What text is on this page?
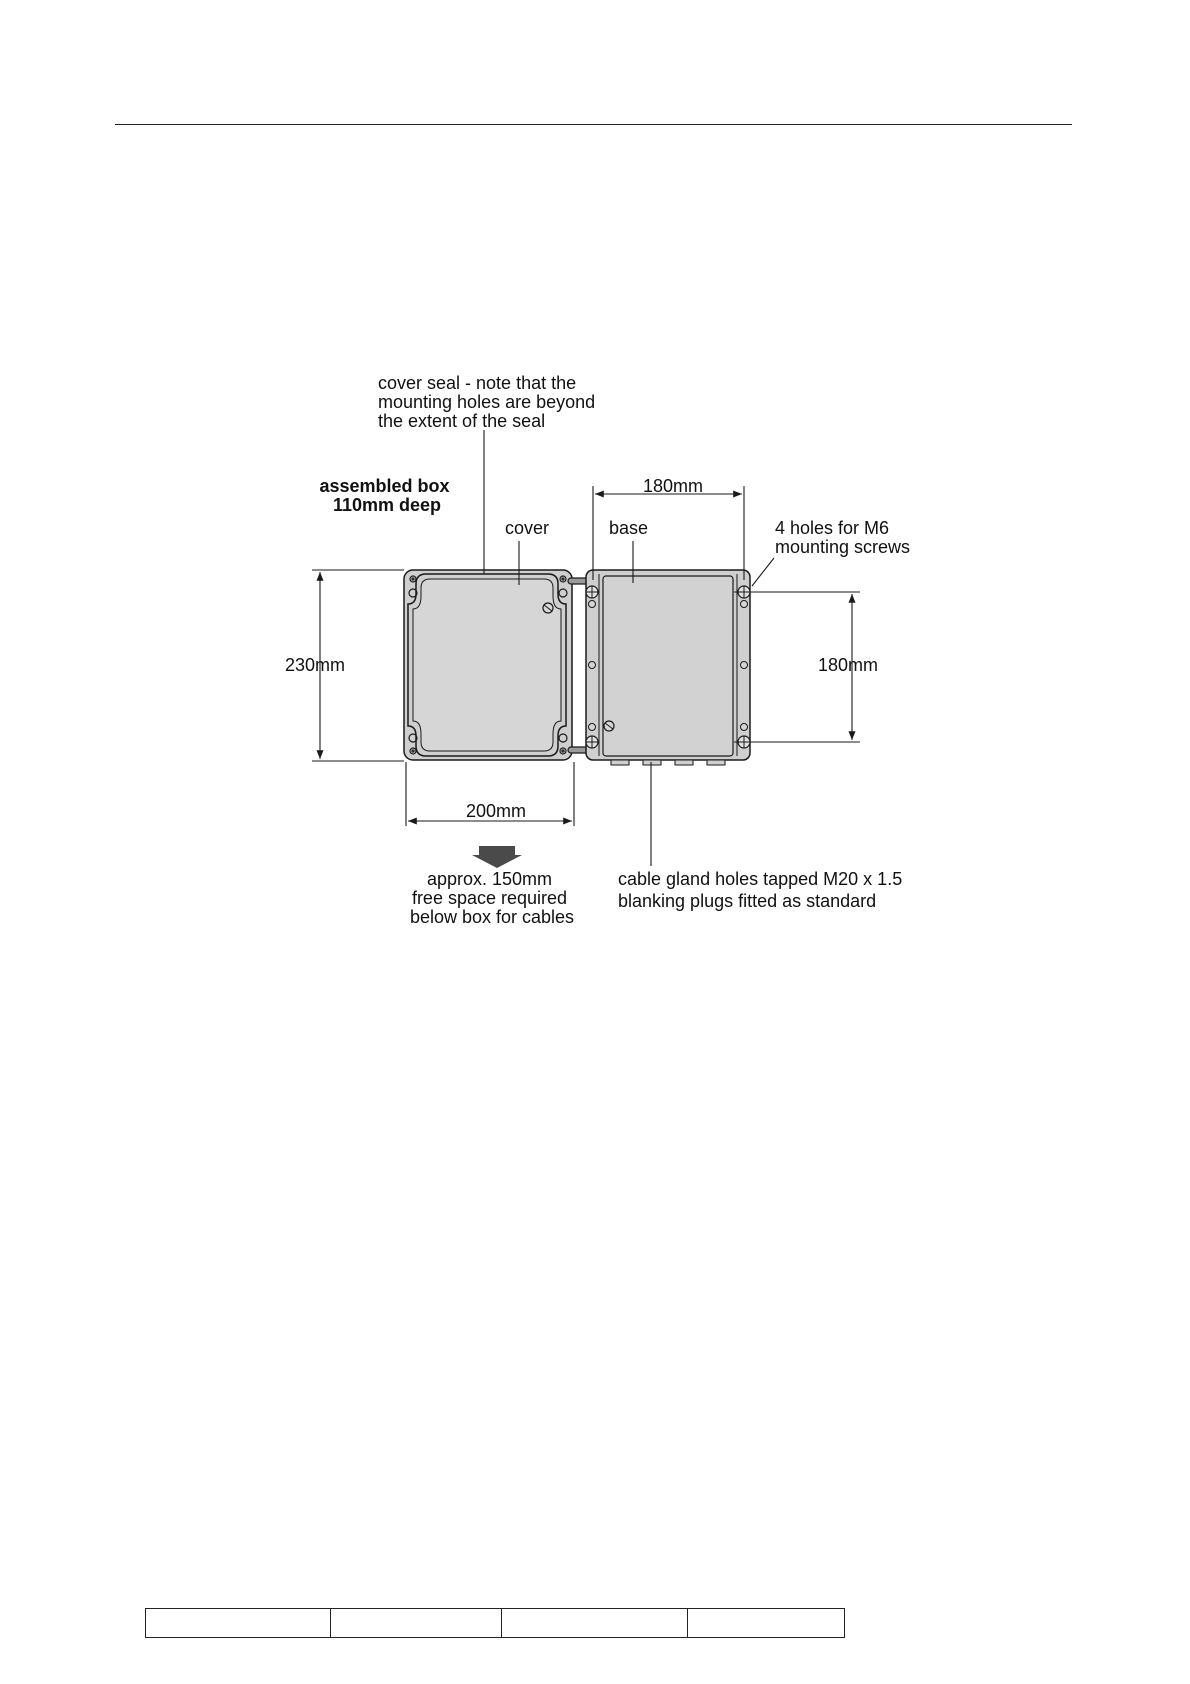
cover seal - note that the mounting holes are beyond the extent of the seal
assembled box 110mm deep
cover	base	4 holes for M6 mounting screws
180mm
230mm	180mm
200mm
approx. 150mm free space required below box for cables
cable gland holes tapped M20 x 1.5 blanking plugs fitted as standard
